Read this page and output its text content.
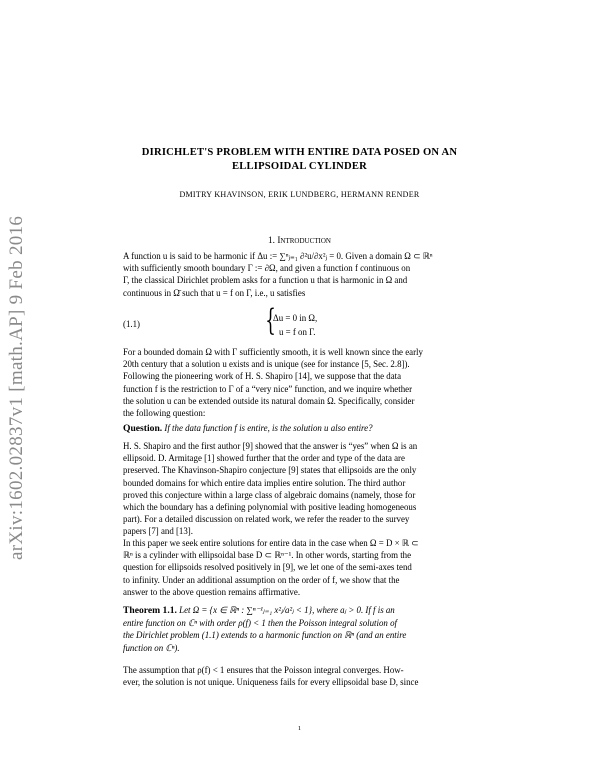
arXiv:1602.02837v1 [math.AP] 9 Feb 2016
DIRICHLET'S PROBLEM WITH ENTIRE DATA POSED ON AN
ELLIPSOIDAL CYLINDER
DMITRY KHAVINSON, ERIK LUNDBERG, HERMANN RENDER
1. Introduction
A function u is said to be harmonic if Δu := ∑ⁿⱼ₌₁ ∂²u/∂x²ⱼ = 0. Given a domain Ω ⊂ ℝⁿ
with sufficiently smooth boundary Γ := ∂Ω, and given a function f continuous on
Γ, the classical Dirichlet problem asks for a function u that is harmonic in Ω and
continuous in Ω̄ such that u = f on Γ, i.e., u satisfies
(1.1)	{
Δu = 0 in Ω,
u = f on Γ.
For a bounded domain Ω with Γ sufficiently smooth, it is well known since the early
20th century that a solution u exists and is unique (see for instance [5, Sec. 2.8]).
Following the pioneering work of H. S. Shapiro [14], we suppose that the data
function f is the restriction to Γ of a “very nice” function, and we inquire whether
the solution u can be extended outside its natural domain Ω. Specifically, consider
the following question:
Question. If the data function f is entire, is the solution u also entire?
H. S. Shapiro and the first author [9] showed that the answer is “yes” when Ω is an
ellipsoid. D. Armitage [1] showed further that the order and type of the data are
preserved. The Khavinson-Shapiro conjecture [9] states that ellipsoids are the only
bounded domains for which entire data implies entire solution. The third author
proved this conjecture within a large class of algebraic domains (namely, those for
which the boundary has a defining polynomial with positive leading homogeneous
part). For a detailed discussion on related work, we refer the reader to the survey
papers [7] and [13].
In this paper we seek entire solutions for entire data in the case when Ω = D × ℝ ⊂
ℝⁿ is a cylinder with ellipsoidal base D ⊂ ℝⁿ⁻¹. In other words, starting from the
question for ellipsoids resolved positively in [9], we let one of the semi-axes tend
to infinity. Under an additional assumption on the order of f, we show that the
answer to the above question remains affirmative.
Theorem 1.1. Let Ω = {x ∈ ℝⁿ : ∑ⁿ⁻¹ⱼ₌₁ x²ⱼ/a²ⱼ < 1}, where aⱼ > 0. If f is an
entire function on ℂⁿ with order ρ(f) < 1 then the Poisson integral solution of
the Dirichlet problem (1.1) extends to a harmonic function on ℝⁿ (and an entire
function on ℂⁿ).
The assumption that ρ(f) < 1 ensures that the Poisson integral converges. How-
ever, the solution is not unique. Uniqueness fails for every ellipsoidal base D, since
1
